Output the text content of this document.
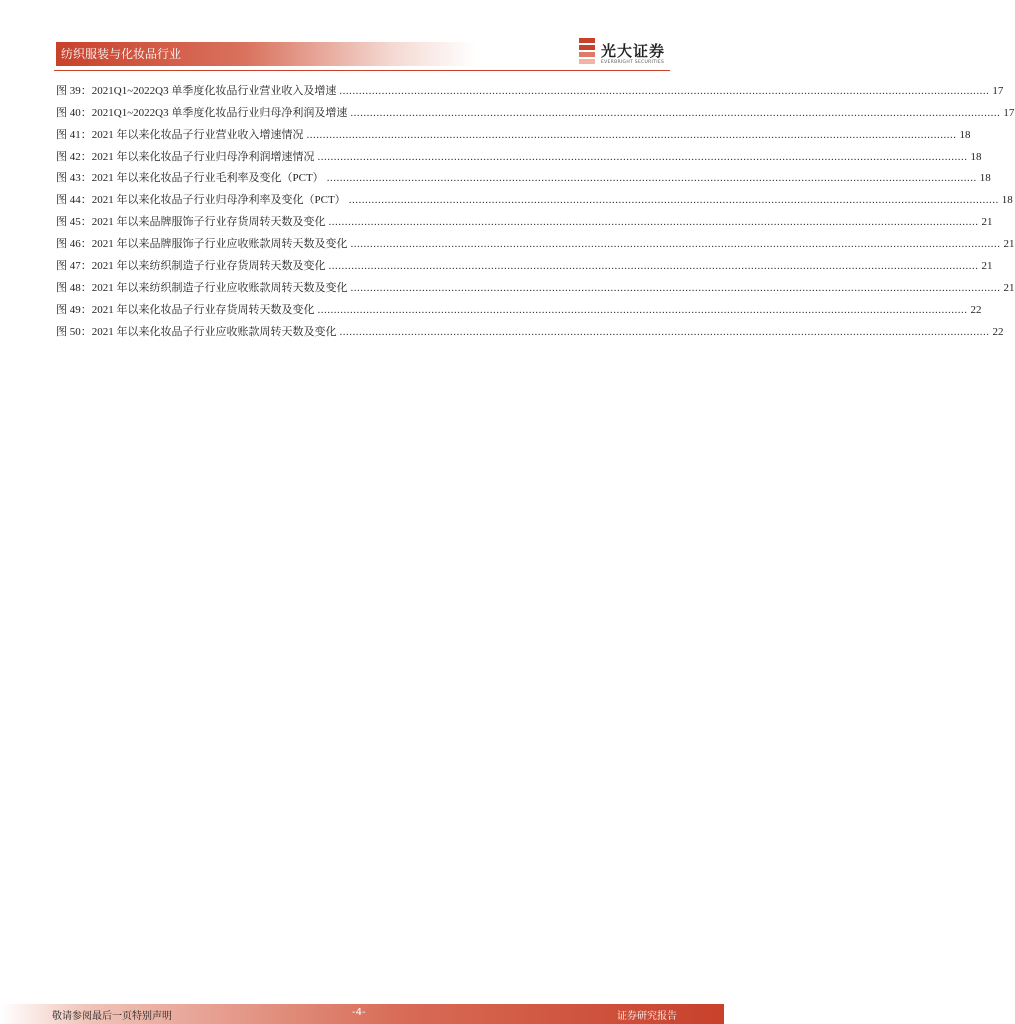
纺织服装与化妆品行业	光大证券
EVERBRIGHT SECURITIES
图 39：2021Q1~2022Q3 单季度化妆品行业营业收入及增速 ........................................................................................................................................................................................................ 17
图 40：2021Q1~2022Q3 单季度化妆品行业归母净利润及增速 ........................................................................................................................................................................................................ 17
图 41：2021 年以来化妆品子行业营业收入增速情况 ........................................................................................................................................................................................................ 18
图 42：2021 年以来化妆品子行业归母净利润增速情况 ........................................................................................................................................................................................................ 18
图 43：2021 年以来化妆品子行业毛利率及变化（PCT） ........................................................................................................................................................................................................ 18
图 44：2021 年以来化妆品子行业归母净利率及变化（PCT） ........................................................................................................................................................................................................ 18
图 45：2021 年以来品牌服饰子行业存货周转天数及变化 ........................................................................................................................................................................................................ 21
图 46：2021 年以来品牌服饰子行业应收账款周转天数及变化 ........................................................................................................................................................................................................ 21
图 47：2021 年以来纺织制造子行业存货周转天数及变化 ........................................................................................................................................................................................................ 21
图 48：2021 年以来纺织制造子行业应收账款周转天数及变化 ........................................................................................................................................................................................................ 21
图 49：2021 年以来化妆品子行业存货周转天数及变化 ........................................................................................................................................................................................................ 22
图 50：2021 年以来化妆品子行业应收账款周转天数及变化 ........................................................................................................................................................................................................ 22
敬请参阅最后一页特别声明	-4-	证券研究报告
